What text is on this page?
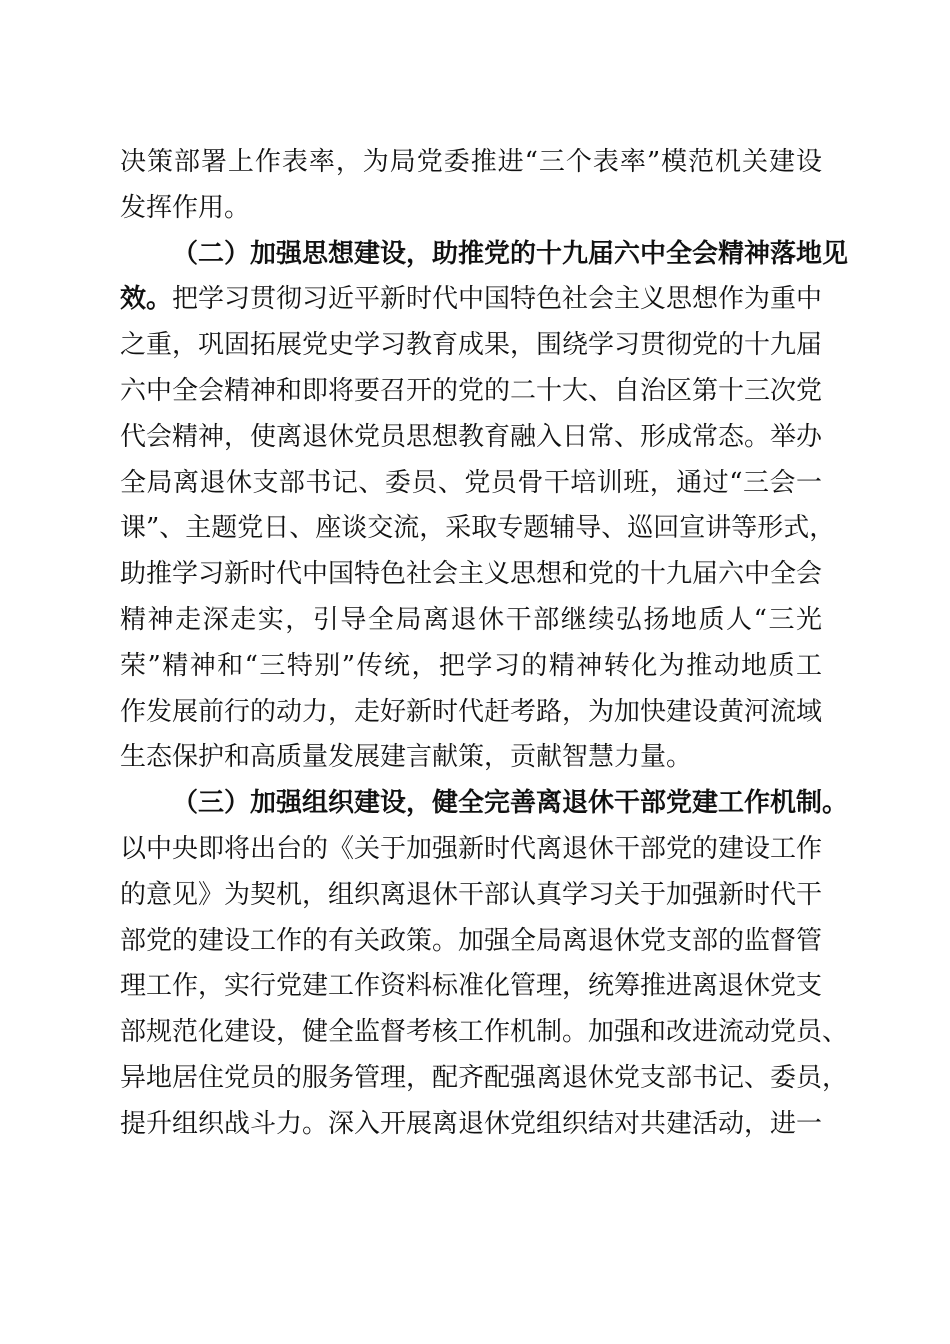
决策部署上作表率，为局党委推进“三个表率”模范机关建设
发挥作用。
（二）加强思想建设，助推党的十九届六中全会精神落地见
效。把学习贯彻习近平新时代中国特色社会主义思想作为重中
之重，巩固拓展党史学习教育成果，围绕学习贯彻党的十九届
六中全会精神和即将要召开的党的二十大、自治区第十三次党
代会精神，使离退休党员思想教育融入日常、形成常态。举办
全局离退休支部书记、委员、党员骨干培训班，通过“三会一
课”、主题党日、座谈交流，采取专题辅导、巡回宣讲等形式，
助推学习新时代中国特色社会主义思想和党的十九届六中全会
精神走深走实，引导全局离退休干部继续弘扬地质人“三光
荣”精神和“三特别”传统，把学习的精神转化为推动地质工
作发展前行的动力，走好新时代赶考路，为加快建设黄河流域
生态保护和高质量发展建言献策，贡献智慧力量。
（三）加强组织建设，健全完善离退休干部党建工作机制。
以中央即将出台的《关于加强新时代离退休干部党的建设工作
的意见》为契机，组织离退休干部认真学习关于加强新时代干
部党的建设工作的有关政策。加强全局离退休党支部的监督管
理工作，实行党建工作资料标准化管理，统筹推进离退休党支
部规范化建设，健全监督考核工作机制。加强和改进流动党员、
异地居住党员的服务管理，配齐配强离退休党支部书记、委员，
提升组织战斗力。深入开展离退休党组织结对共建活动，进一
